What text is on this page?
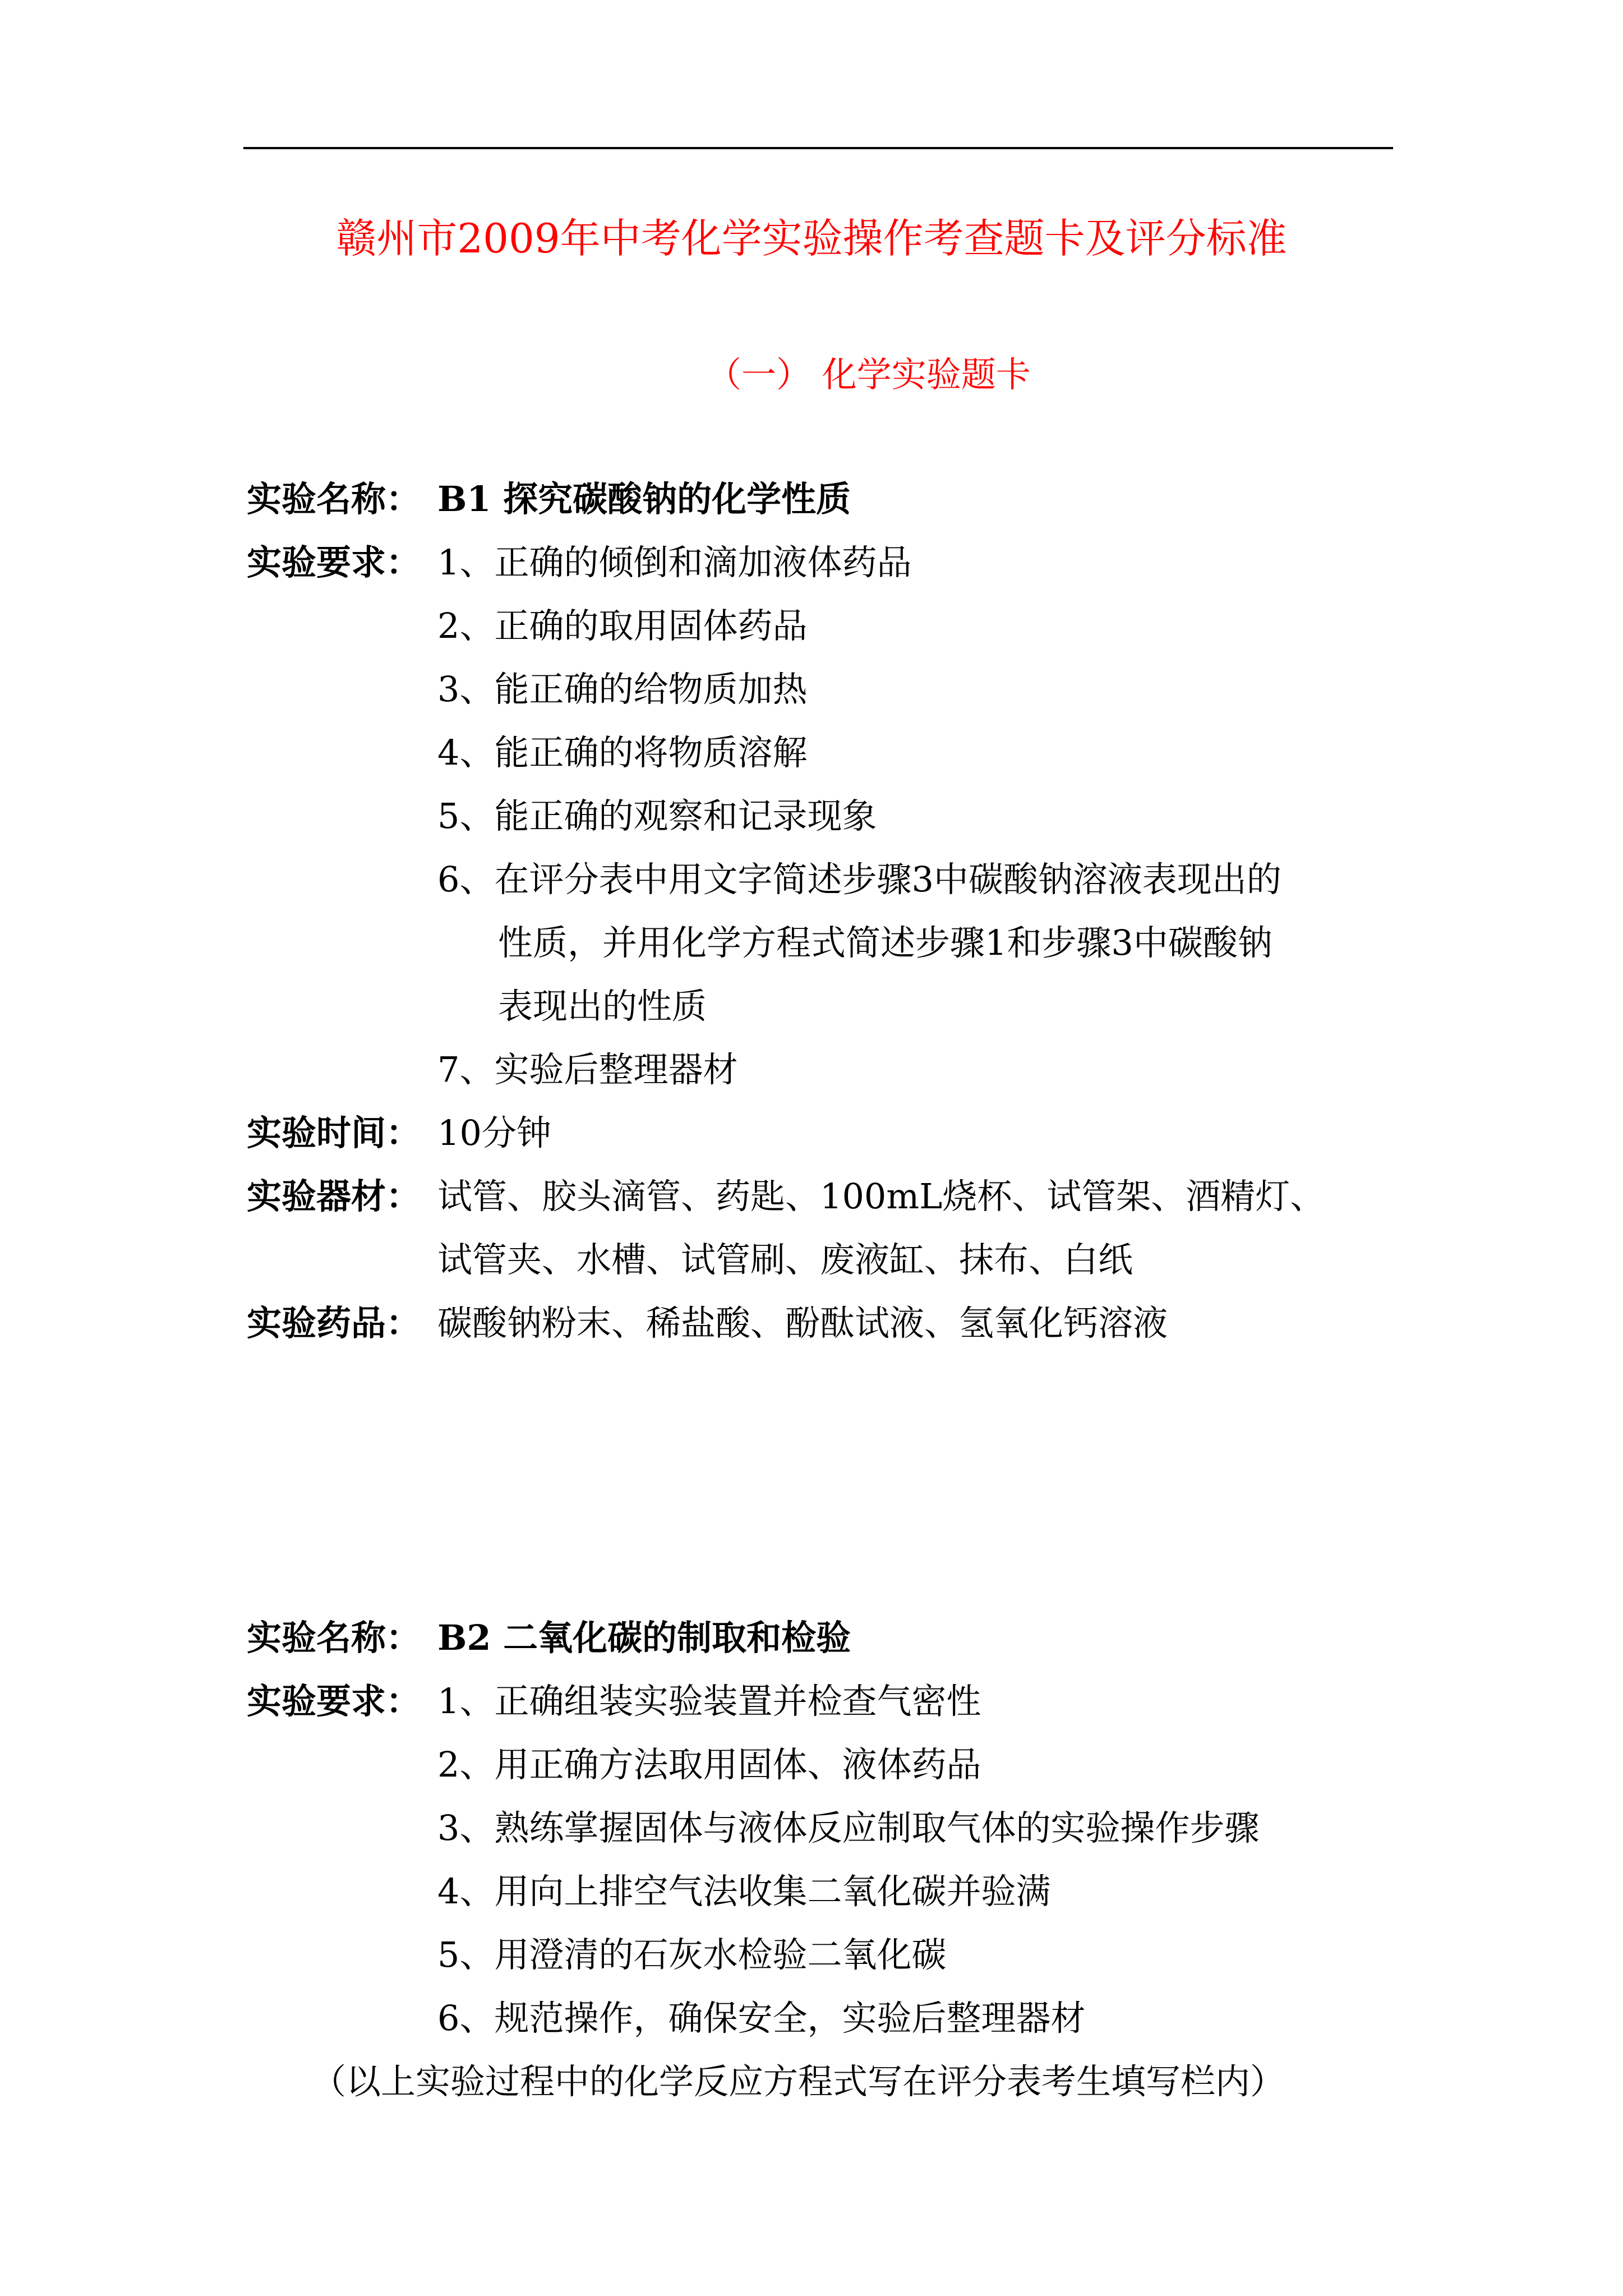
赣州市2009年中考化学实验操作考查题卡及评分标准
（一） 化学实验题卡
实验名称： B1 探究碳酸钠的化学性质
实验要求： 1、正确的倾倒和滴加液体药品
2、正确的取用固体药品
3、能正确的给物质加热
4、能正确的将物质溶解
5、能正确的观察和记录现象
6、在评分表中用文字简述步骤3中碳酸钠溶液表现出的
性质，并用化学方程式简述步骤1和步骤3中碳酸钠
表现出的性质
7、实验后整理器材
实验时间： 10分钟
实验器材： 试管、胶头滴管、药匙、100mL烧杯、试管架、酒精灯、
试管夹、水槽、试管刷、废液缸、抹布、白纸
实验药品： 碳酸钠粉末、稀盐酸、酚酞试液、氢氧化钙溶液
实验名称： B2 二氧化碳的制取和检验
实验要求： 1、正确组装实验装置并检查气密性
2、用正确方法取用固体、液体药品
3、熟练掌握固体与液体反应制取气体的实验操作步骤
4、用向上排空气法收集二氧化碳并验满
5、用澄清的石灰水检验二氧化碳
6、规范操作，确保安全，实验后整理器材
（以上实验过程中的化学反应方程式写在评分表考生填写栏内）
